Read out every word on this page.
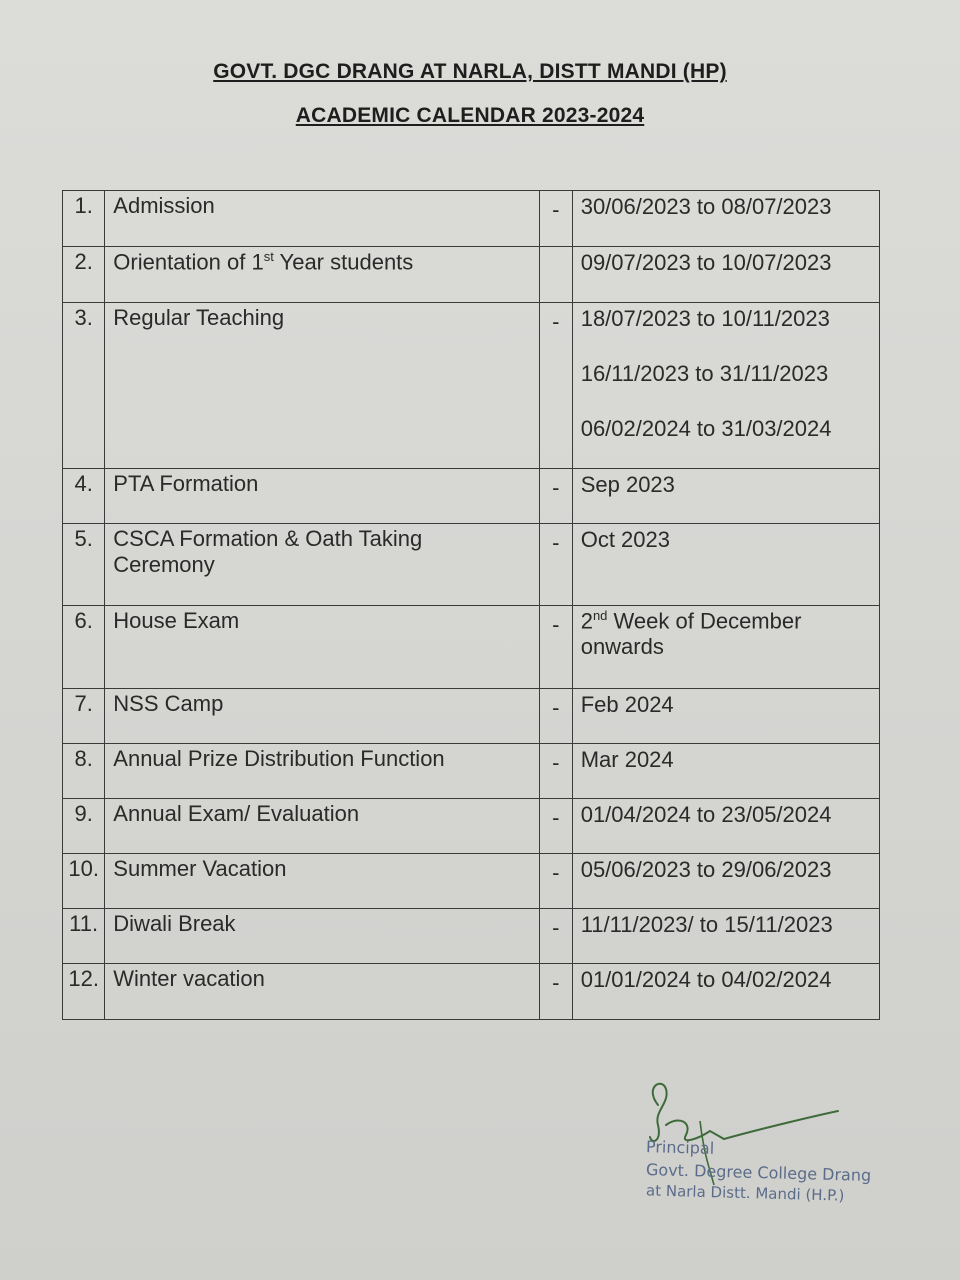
GOVT. DGC DRANG AT NARLA, DISTT MANDI (HP)
ACADEMIC CALENDAR 2023-2024
1.	Admission	-	30/06/2023 to 08/07/2023

2.	Orientation of 1st Year students		09/07/2023 to 10/07/2023

3.	Regular Teaching	-	18/07/2023 to 10/11/2023
16/11/2023 to 31/11/2023
06/02/2024 to 31/03/2024

4.	PTA Formation	-	Sep 2023

5.	CSCA Formation & Oath Taking Ceremony	-	Oct 2023

6.	House Exam	-	2nd Week of December onwards
7.	NSS Camp	-	Feb 2024

8.	Annual Prize Distribution Function	-	Mar 2024

9.	Annual Exam/ Evaluation	-	01/04/2024 to 23/05/2024

10.	Summer Vacation	-	05/06/2023 to 29/06/2023

11.	Diwali Break	-	11/11/2023/ to 15/11/2023

12.	Winter vacation	-	01/01/2024 to 04/02/2024
Principal
Govt. Degree College Drang
at Narla Distt. Mandi (H.P.)
